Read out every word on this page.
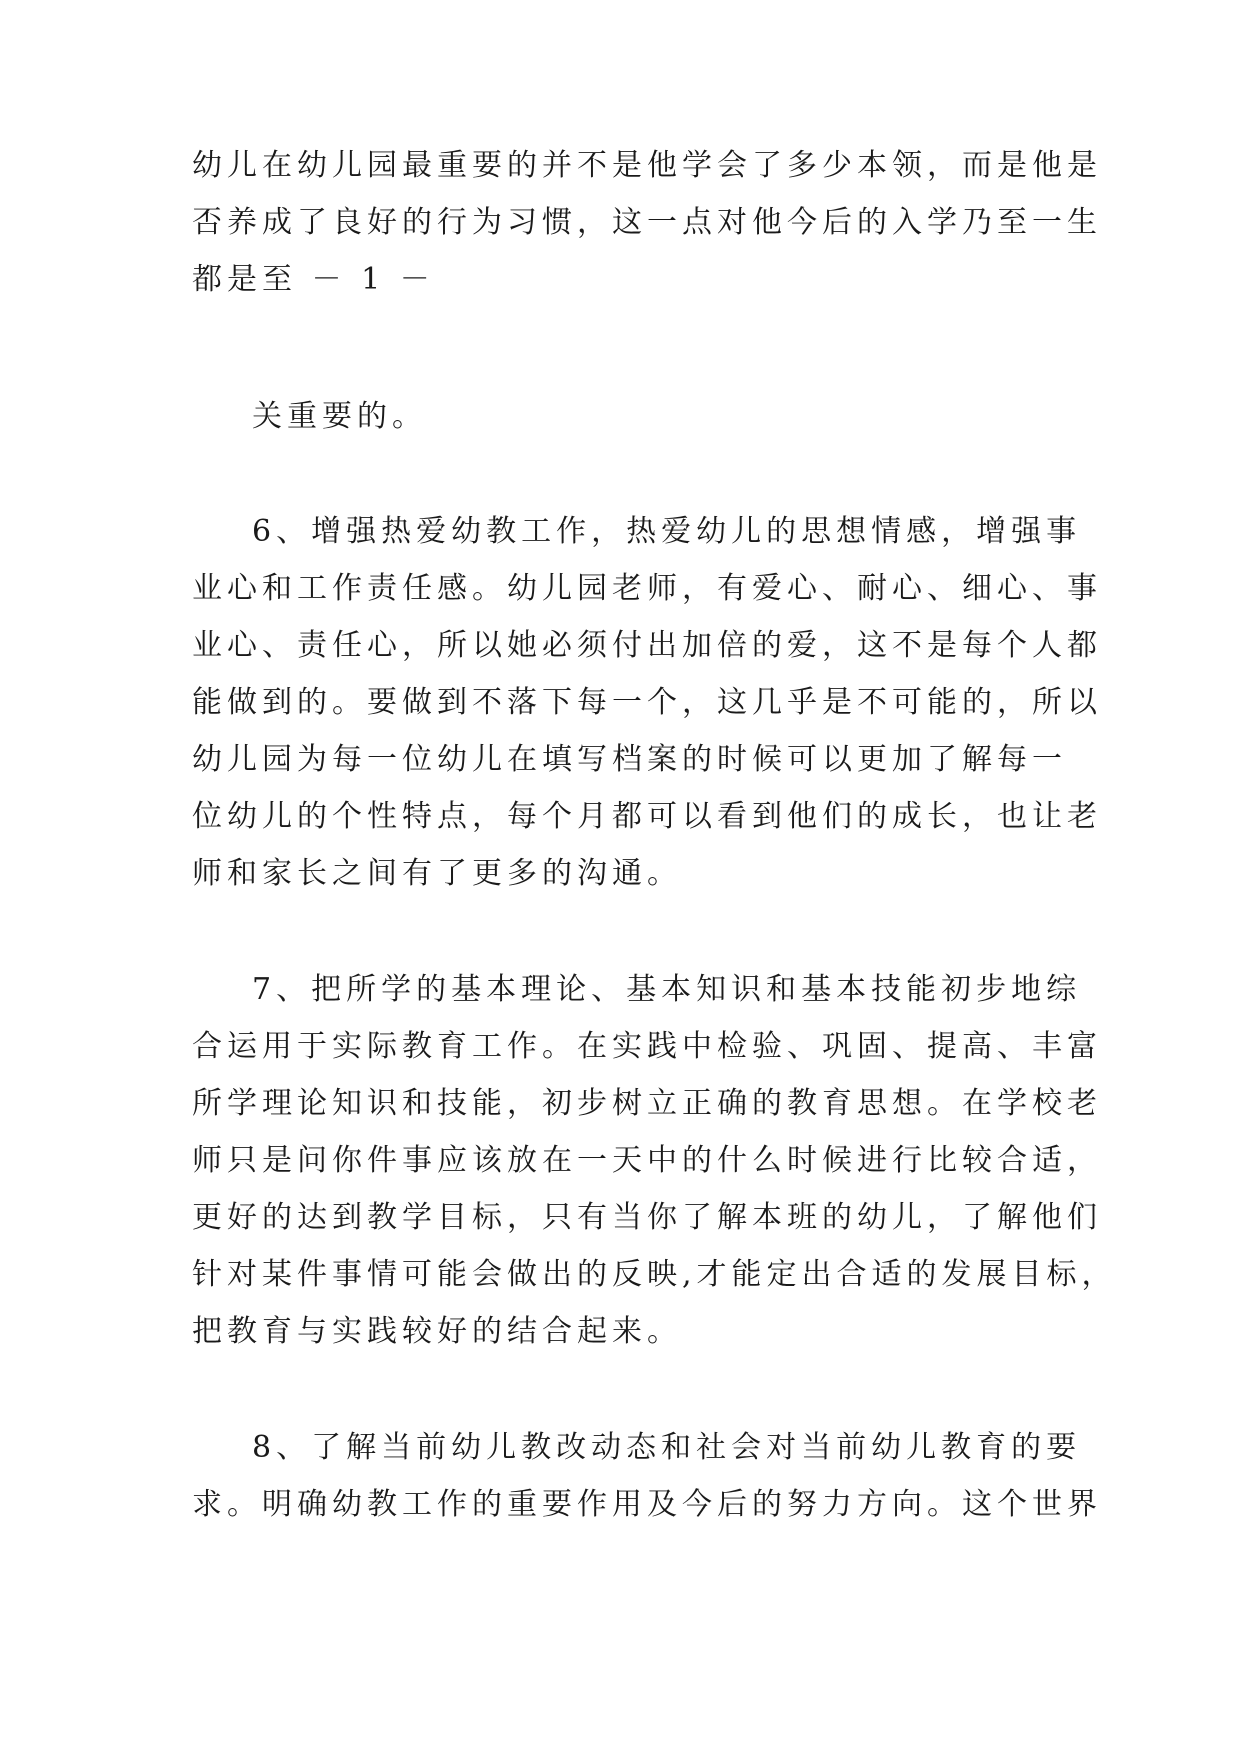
幼儿在幼儿园最重要的并不是他学会了多少本领，而是他是

否养成了良好的行为习惯，这一点对他今后的入学乃至一生

都是至 － 1 －

关重要的。

6、增强热爱幼教工作，热爱幼儿的思想情感，增强事

业心和工作责任感。幼儿园老师，有爱心、耐心、细心、事

业心、责任心，所以她必须付出加倍的爱，这不是每个人都

能做到的。要做到不落下每一个，这几乎是不可能的，所以

幼儿园为每一位幼儿在填写档案的时候可以更加了解每一

位幼儿的个性特点，每个月都可以看到他们的成长，也让老

师和家长之间有了更多的沟通。

7、把所学的基本理论、基本知识和基本技能初步地综

合运用于实际教育工作。在实践中检验、巩固、提高、丰富

所学理论知识和技能，初步树立正确的教育思想。在学校老

师只是问你件事应该放在一天中的什么时候进行比较合适，

更好的达到教学目标，只有当你了解本班的幼儿，了解他们

针对某件事情可能会做出的反映,才能定出合适的发展目标，

把教育与实践较好的结合起来。

8、了解当前幼儿教改动态和社会对当前幼儿教育的要

求。明确幼教工作的重要作用及今后的努力方向。这个世界
